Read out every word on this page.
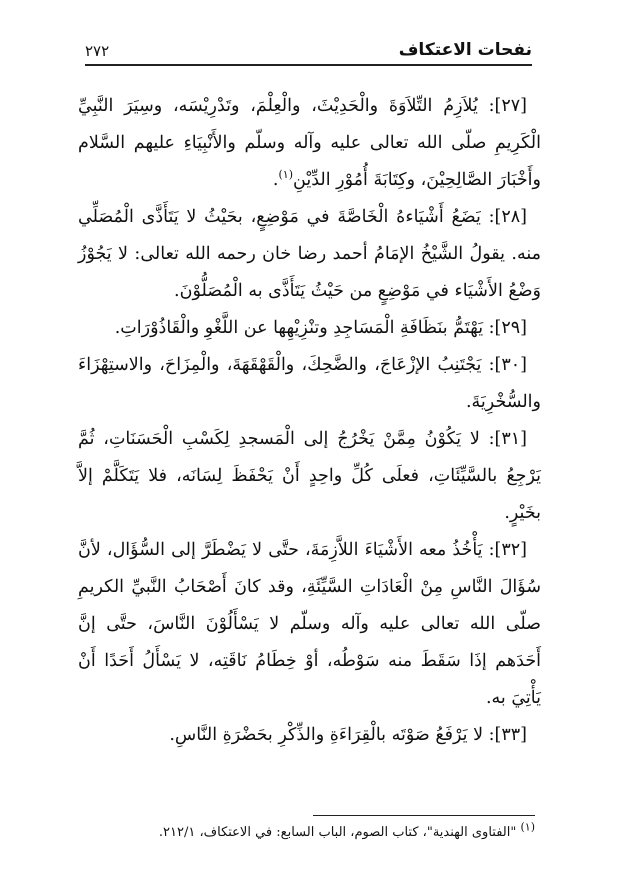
نفحات الاعتكاف
٢٧٢

[٢٧]: يُلاَزِمُ التِّلاَوَةَ والْحَدِيْثَ، والْعِلْمَ، وتَدْرِيْسَه، وسِيَرَ النَّبِيِّ الْكَرِيمِ صلّى الله تعالى عليه وآله وسلّم والأَنْبِيَاءِ عليهم السَّلام وأَخْبَارَ الصَّالِحِيْنَ، وكِتَابَةَ أُمُوْرِ الدِّيْنِ$^{(١)}$.

[٢٨]: يَضَعُ أَشْيَاءهُ الْخَاصَّةَ في مَوْضِعٍ، بحَيْثُ لا يَتَأَذَّى الْمُصَلِّي منه. يقولُ الشَّيْخُ الإمَامُ أحمد رضا خان رحمه الله تعالى: لا يَجُوْزُ وَضْعُ الأَشْيَاء في مَوْضِعٍ من حَيْثُ يَتَأَذَّى به الْمُصَلُّوْنَ.

[٢٩]: يَهْتَمُّ بنَظَافَةِ الْمَسَاجِدِ وتنْزِيْهِها عن اللَّغْوِ والْقَاذُوْرَاتِ.

[٣٠]: يَجْتَنِبُ الإزْعَاجَ، والضَّحِكَ، والْقَهْقَهَةَ، والْمِزَاحَ، والاستِهْزَاءَ والسُّخْرِيَةَ.

[٣١]: لا يَكُوْنُ مِمَّنْ يَخْرُجُ إلى الْمَسجدِ لِكَسْبِ الْحَسَنَاتِ، ثُمَّ يَرْجِعُ بالسَّيِّئَاتِ، فعلَى كُلِّ واحِدٍ أَنْ يَحْفَظَ لِسَانَه، فلا يَتَكَلَّمْ إلاَّ بخَيْرٍ.

[٣٢]: يَأْخُذُ معه الأَشْيَاءَ اللاَّزِمَةَ، حتَّى لا يَضْطَرَّ إلى السُّؤَال، لأنَّ سُؤَالَ النَّاسِ مِنْ الْعَادَاتِ السَّيِّئَةِ، وقد كانَ أَصْحَابُ النَّبيِّ الكريمِ صلّى الله تعالى عليه وآله وسلّم لا يَسْأَلُوْنَ النَّاسَ، حتَّى إنَّ أَحَدَهم إذَا سَقَطَ منه سَوْطُه، أوْ خِطَامُ نَاقَتِه، لا يَسْأَلُ أَحَدًا أَنْ يَأْتِيَ به.

[٣٣]: لا يَرْفَعُ صَوْتَه بالْقِرَاءَةِ والذِّكْرِ بحَضْرَةِ النَّاسِ.

$^{(١)}$ "الفتاوى الهندية"، كتاب الصوم، الباب السابع: في الاعتكاف، ٢١٢/١.
